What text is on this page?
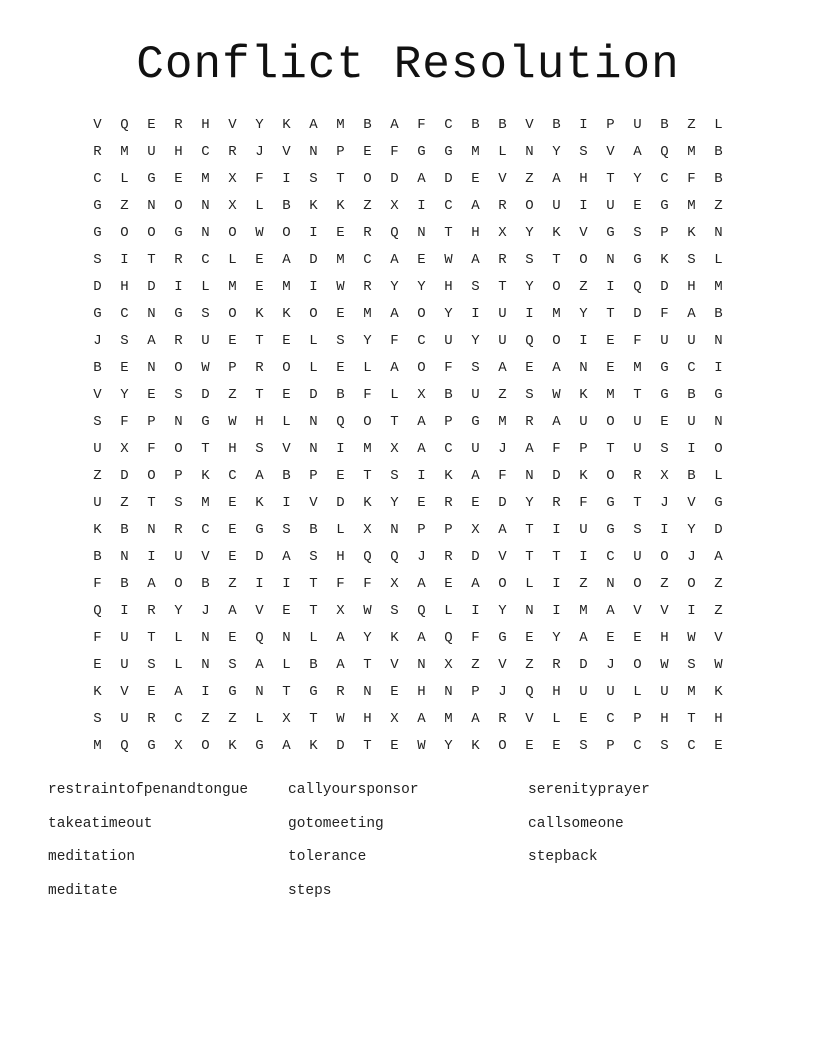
Conflict Resolution
V	Q	E	R	H	V	Y	K	A	M	B	A	F	C	B	B	V	B	I	P	U	B	Z	L
R	M	U	H	C	R	J	V	N	P	E	F	G	G	M	L	N	Y	S	V	A	Q	M	B
C	L	G	E	M	X	F	I	S	T	O	D	A	D	E	V	Z	A	H	T	Y	C	F	B
G	Z	N	O	N	X	L	B	K	K	Z	X	I	C	A	R	O	U	I	U	E	G	M	Z
G	O	O	G	N	O	W	O	I	E	R	Q	N	T	H	X	Y	K	V	G	S	P	K	N
S	I	T	R	C	L	E	A	D	M	C	A	E	W	A	R	S	T	O	N	G	K	S	L
D	H	D	I	L	M	E	M	I	W	R	Y	Y	H	S	T	Y	O	Z	I	Q	D	H	M
G	C	N	G	S	O	K	K	O	E	M	A	O	Y	I	U	I	M	Y	T	D	F	A	B
J	S	A	R	U	E	T	E	L	S	Y	F	C	U	Y	U	Q	O	I	E	F	U	U	N
B	E	N	O	W	P	R	O	L	E	L	A	O	F	S	A	E	A	N	E	M	G	C	I
V	Y	E	S	D	Z	T	E	D	B	F	L	X	B	U	Z	S	W	K	M	T	G	B	G
S	F	P	N	G	W	H	L	N	Q	O	T	A	P	G	M	R	A	U	O	U	E	U	N
U	X	F	O	T	H	S	V	N	I	M	X	A	C	U	J	A	F	P	T	U	S	I	O
Z	D	O	P	K	C	A	B	P	E	T	S	I	K	A	F	N	D	K	O	R	X	B	L
U	Z	T	S	M	E	K	I	V	D	K	Y	E	R	E	D	Y	R	F	G	T	J	V	G
K	B	N	R	C	E	G	S	B	L	X	N	P	P	X	A	T	I	U	G	S	I	Y	D
B	N	I	U	V	E	D	A	S	H	Q	Q	J	R	D	V	T	T	I	C	U	O	J	A
F	B	A	O	B	Z	I	I	T	F	F	X	A	E	A	O	L	I	Z	N	O	Z	O	Z
Q	I	R	Y	J	A	V	E	T	X	W	S	Q	L	I	Y	N	I	M	A	V	V	I	Z
F	U	T	L	N	E	Q	N	L	A	Y	K	A	Q	F	G	E	Y	A	E	E	H	W	V
E	U	S	L	N	S	A	L	B	A	T	V	N	X	Z	V	Z	R	D	J	O	W	S	W
K	V	E	A	I	G	N	T	G	R	N	E	H	N	P	J	Q	H	U	U	L	U	M	K
S	U	R	C	Z	Z	L	X	T	W	H	X	A	M	A	R	V	L	E	C	P	H	T	H
M	Q	G	X	O	K	G	A	K	D	T	E	W	Y	K	O	E	E	S	P	C	S	C	E
restraintofpenandtongue	callyoursponsor	serenityprayer
takeatimeout	gotomeeting	callsomeone
meditation	tolerance	stepback
meditate	steps
